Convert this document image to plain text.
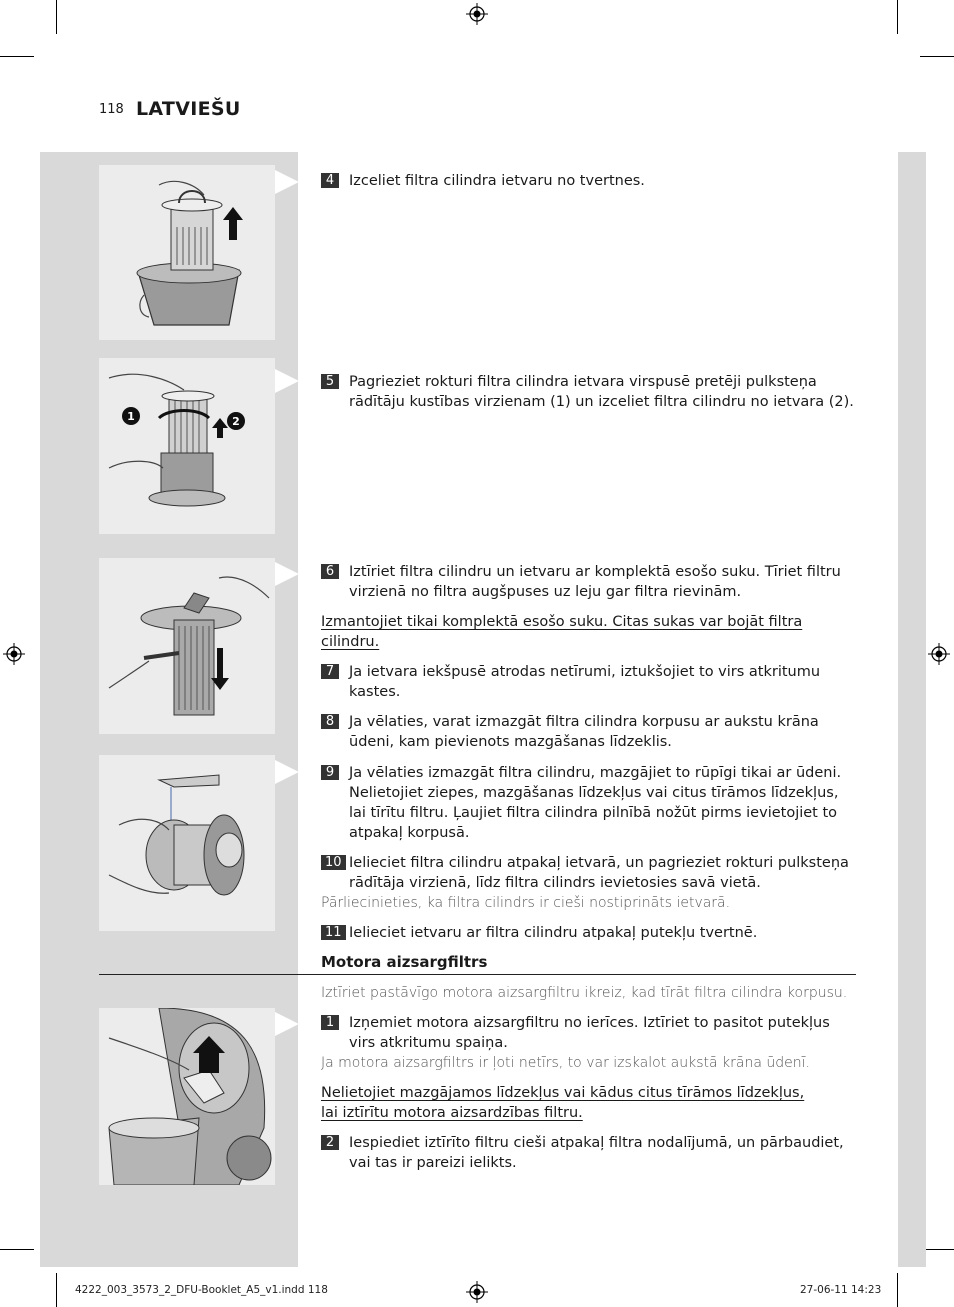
118 LATVIEŠU
1	2
4	Izceliet filtra cilindra ietvaru no tvertnes.
5	Pagrieziet rokturi filtra cilindra ietvara virspusē pretēji pulksteņa rādītāju kustības virzienam (1) un izceliet filtra cilindru no ietvara (2).
6	Iztīriet filtra cilindru un ietvaru ar komplektā esošo suku. Tīriet filtru virzienā no filtra augšpuses uz leju gar filtra rievinām.
Izmantojiet tikai komplektā esošo suku. Citas sukas var bojāt filtra cilindru.
7	Ja ietvara iekšpusē atrodas netīrumi, iztukšojiet to virs atkritumu kastes.
8	Ja vēlaties, varat izmazgāt filtra cilindra korpusu ar aukstu krāna ūdeni, kam pievienots mazgāšanas līdzeklis.
9	Ja vēlaties izmazgāt filtra cilindru, mazgājiet to rūpīgi tikai ar ūdeni. Nelietojiet ziepes, mazgāšanas līdzekļus vai citus tīrāmos līdzekļus, lai tīrītu filtru. Ļaujiet filtra cilindra pilnībā nožūt pirms ievietojiet to atpakaļ korpusā.
10 Ielieciet filtra cilindru atpakaļ ietvarā, un pagrieziet rokturi pulksteņa rādītāja virzienā, līdz filtra cilindrs ievietosies savā vietā.
Pārliecinieties, ka filtra cilindrs ir cieši nostiprināts ietvarā.
11 Ielieciet ietvaru ar filtra cilindru atpakaļ putekļu tvertnē.
Motora aizsargfiltrs
Iztīriet pastāvīgo motora aizsargfiltru ikreiz, kad tīrāt filtra cilindra korpusu.
1	Izņemiet motora aizsargfiltru no ierīces. Iztīriet to pasitot putekļus virs atkritumu spaiņa.
Ja motora aizsargfiltrs ir ļoti netīrs, to var izskalot aukstā krāna ūdenī.
Nelietojiet mazgājamos līdzekļus vai kādus citus tīrāmos līdzekļus, lai iztīrītu motora aizsardzības filtru.
2	Iespiediet iztīrīto filtru cieši atpakaļ filtra nodalījumā, un pārbaudiet, vai tas ir pareizi ielikts.
4222_003_3573_2_DFU-Booklet_A5_v1.indd 118	27-06-11 14:23
